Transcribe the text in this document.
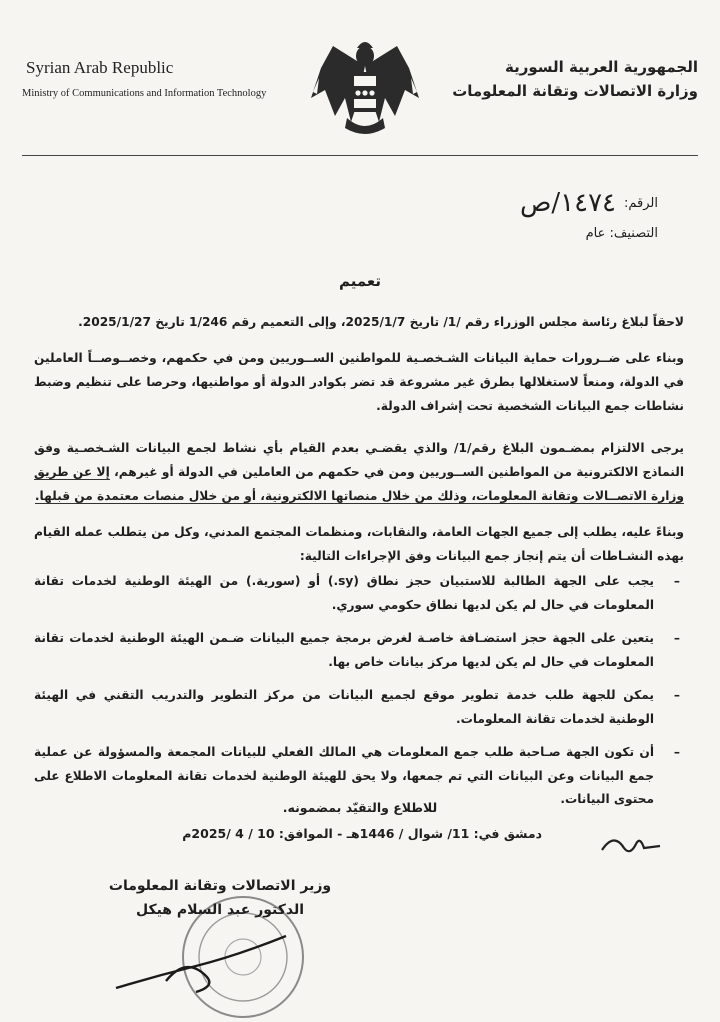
Syrian Arab Republic
Ministry of Communications and Information Technology
الجمهورية العربية السورية
وزارة الاتصالات وتقانة المعلومات
الرقم:
١٤٧٤/ص
التصنيف: عام
تعميم
لاحقاً لبلاغ رئاسة مجلس الوزراء رقم /1/ تاريخ 2025/1/7، وإلى التعميم رقم 1/246 تاريخ 2025/1/27.
وبناء على ضــرورات حماية البيانات الشـخصـية للمواطنين الســوريين ومن في حكمهم، وخصــوصــاً العاملين في الدولة، ومنعاً لاستغلالها بطرق غير مشروعة قد تضر بكوادر الدولة أو مواطنيها، وحرصا على تنظيم وضبط نشاطات جمع البيانات الشخصية تحت إشراف الدولة.
يرجى الالتزام بمضـمون البلاغ رقم/1/ والذي يقضـي بعدم القيام بأي نشاط لجمع البيانات الشـخصـية وفق النماذج الالكترونية من المواطنين الســوريين ومن في حكمهم من العاملين في الدولة أو غيرهم، إلا عن طريق وزارة الاتصــالات وتقانة المعلومات، وذلك من خلال منصاتها الالكترونية، أو من خلال منصات معتمدة من قبلها.
وبناءً عليه، يطلب إلى جميع الجهات العامة، والنقابات، ومنظمات المجتمع المدني، وكل من يتطلب عمله القيام بهذه النشـاطات أن يتم إنجاز جمع البيانات وفق الإجراءات التالية:
–
يجب على الجهة الطالبة للاستبيان حجز نطاق (sy.) أو (سورية.) من الهيئة الوطنية لخدمات تقانة المعلومات في حال لم يكن لديها نطاق حكومي سوري.
–
يتعين على الجهة حجز استضـافة خاصـة لغرض برمجة جميع البيانات ضـمن الهيئة الوطنية لخدمات تقانة المعلومات في حال لم يكن لديها مركز بيانات خاص بها.
–
يمكن للجهة طلب خدمة تطوير موقع لجميع البيانات من مركز التطوير والتدريب التقني في الهيئة الوطنية لخدمات تقانة المعلومات.
–
أن تكون الجهة صـاحبة طلب جمع المعلومات هي المالك الفعلي للبيانات المجمعة والمسؤولة عن عملية جمع البيانات وعن البيانات التي تم جمعها، ولا يحق للهيئة الوطنية لخدمات تقانة المعلومات الاطلاع على محتوى البيانات.
للاطلاع والتقيّد بمضمونه.
دمشق في: 11/ شوال / 1446هـ - الموافق: 10 / 4 /2025م
وزير الاتصالات وتقانة المعلومات
الدكتور عبد السلام هيكل
